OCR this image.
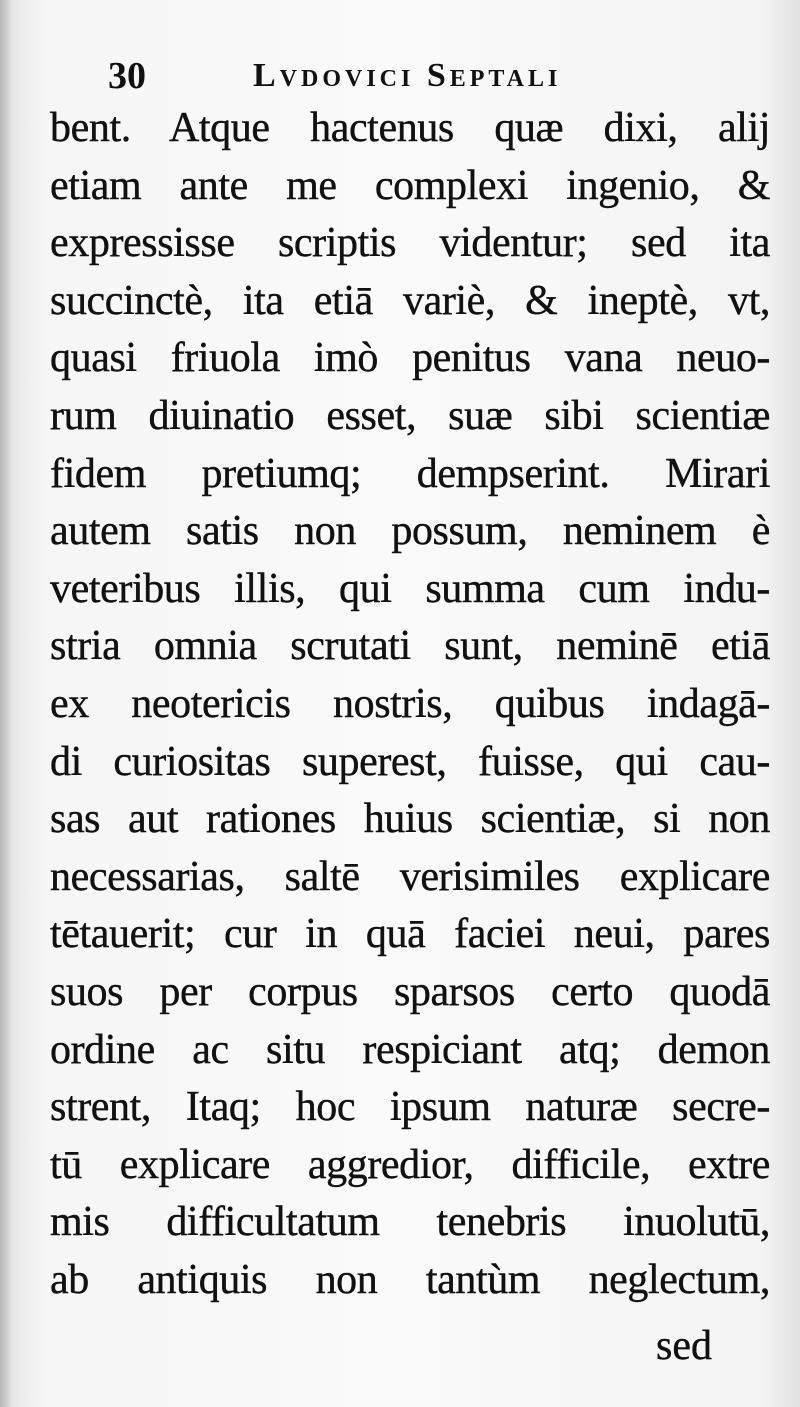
30	Lvdovici Septali
bent. Atque hactenus quæ dixi, alij
etiam ante me complexi ingenio, &
expressisse scriptis videntur; sed ita
succinctè, ita etiā variè, & ineptè, vt,
quasi friuola imò penitus vana neuo-
rum diuinatio esset, suæ sibi scientiæ
fidem pretiumq; dempserint. Mirari
autem satis non possum, neminem è
veteribus illis, qui summa cum indu-
stria omnia scrutati sunt, neminē etiā
ex neotericis nostris, quibus indagā-
di curiositas superest, fuisse, qui cau-
sas aut rationes huius scientiæ, si non
necessarias, saltē verisimiles explicare
tētauerit; cur in quā faciei neui, pares
suos per corpus sparsos certo quodā
ordine ac situ respiciant atq; demon
strent, Itaq; hoc ipsum naturæ secre-
tū explicare aggredior, difficile, extre
mis difficultatum tenebris inuolutū,
ab antiquis non tantùm neglectum,
sed
